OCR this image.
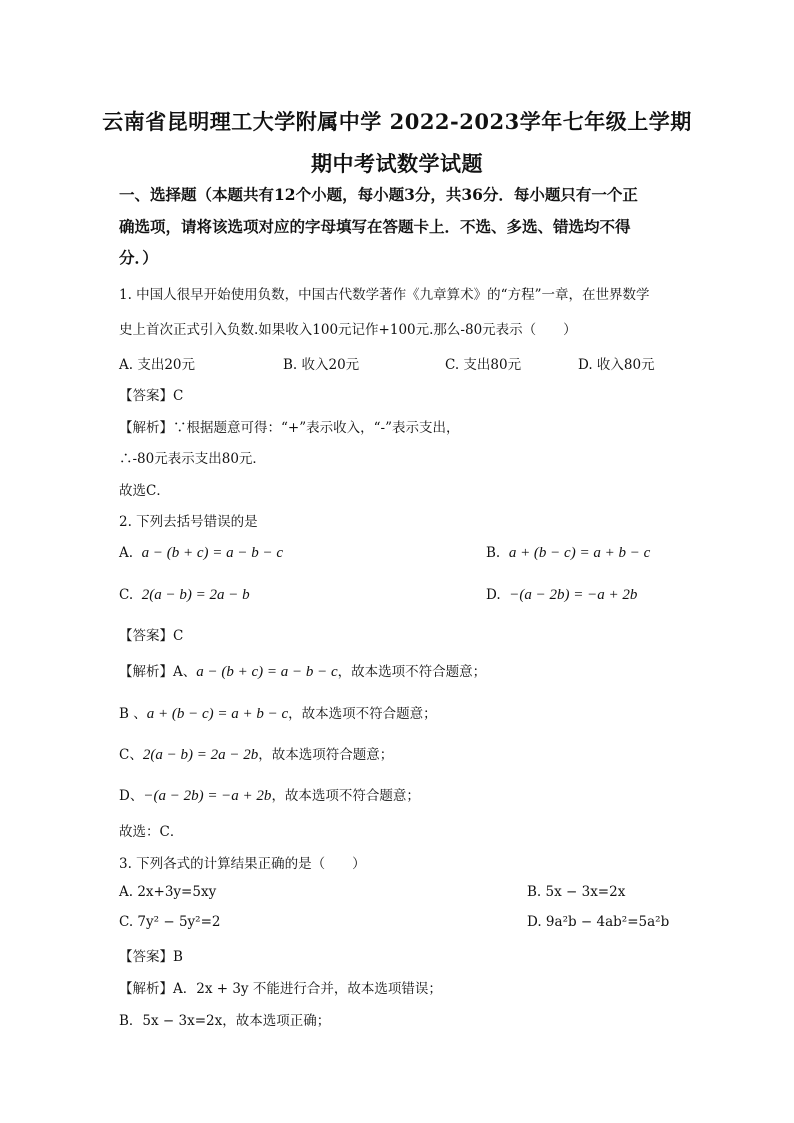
云南省昆明理工大学附属中学 2022-2023学年七年级上学期
期中考试数学试题
一、选择题（本题共有12个小题，每小题3分，共36分．每小题只有一个正
确选项，请将该选项对应的字母填写在答题卡上．不选、多选、错选均不得
分．）
1. 中国人很早开始使用负数，中国古代数学著作《九章算术》的“方程”一章，在世界数学
史上首次正式引入负数.如果收入100元记作+100元.那么-80元表示（　　）
A. 支出20元	B. 收入20元	C. 支出80元	D. 收入80元
【答案】C
【解析】∵根据题意可得：“+”表示收入，“-”表示支出，
∴-80元表示支出80元．
故选C．
2. 下列去括号错误的是
A. a − (b + c) = a − b − c	B. a + (b − c) = a + b − c
C. 2(a − b) = 2a − b	D. −(a − 2b) = −a + 2b
【答案】C
【解析】A、a − (b + c) = a − b − c，故本选项不符合题意；
B 、a + (b − c) = a + b − c，故本选项不符合题意；
C、2(a − b) = 2a − 2b，故本选项符合题意；
D、−(a − 2b) = −a + 2b，故本选项不符合题意；
故选：C．
3. 下列各式的计算结果正确的是（　　）
A. 2x+3y=5xy	B. 5x − 3x=2x
C. 7y² − 5y²=2	D. 9a²b − 4ab²=5a²b
【答案】B
【解析】A．2x + 3y 不能进行合并，故本选项错误；
B．5x − 3x=2x，故本选项正确；
